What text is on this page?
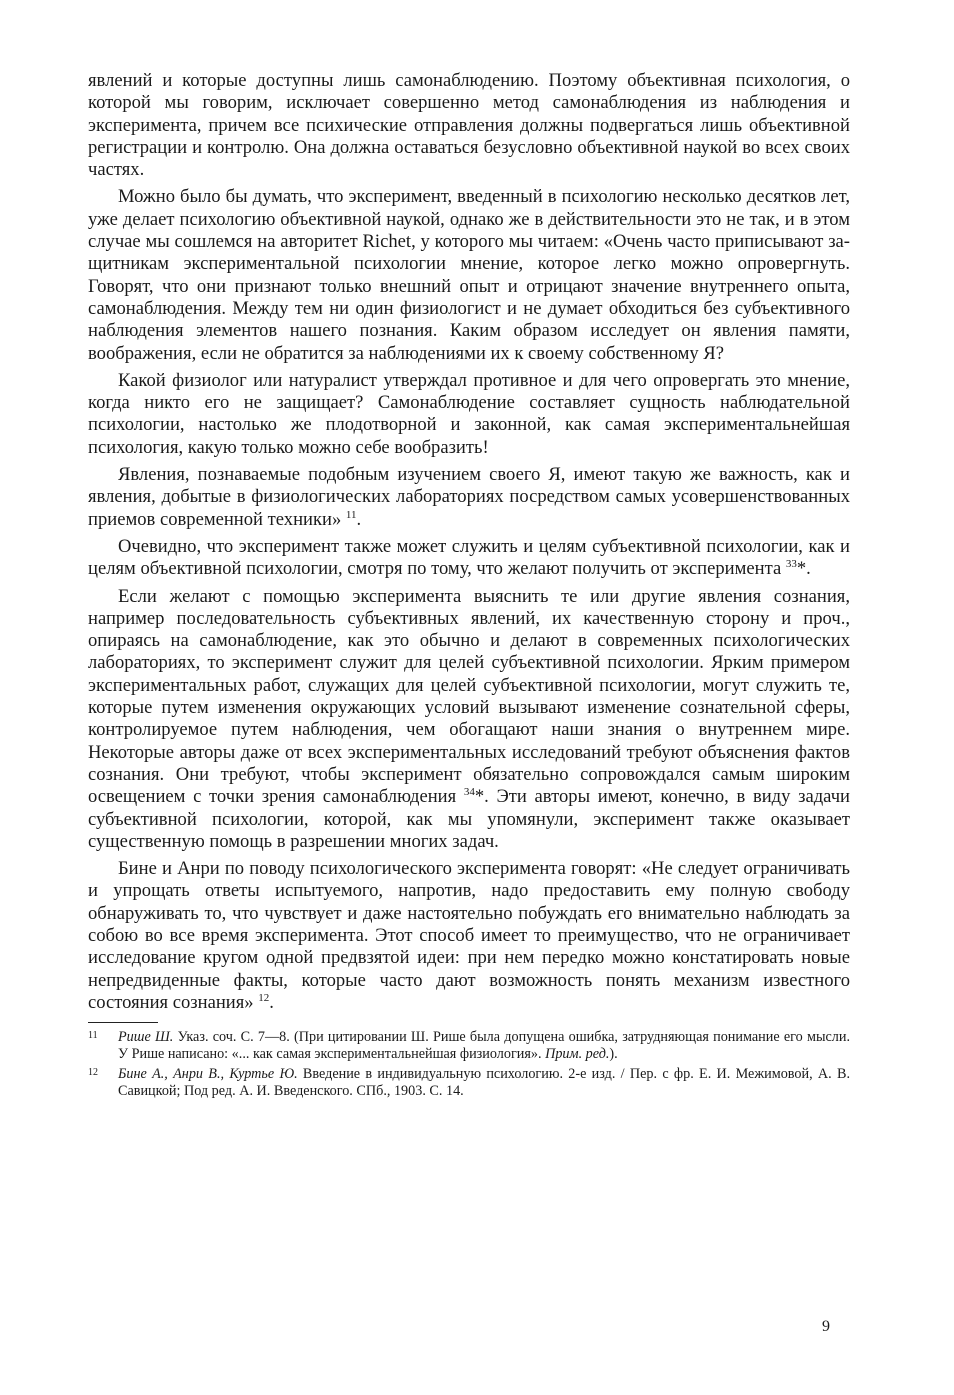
явлений и которые доступны лишь самонаблюдению. Поэтому объективная психология, о которой мы говорим, исключает совершенно метод самонаблюдения из наблюдения и эксперимента, причем все психические отправления должны подвергаться лишь объективной регистрации и контролю. Она должна оставаться безусловно объективной наукой во всех своих частях.

Можно было бы думать, что эксперимент, введенный в психологию несколько десятков лет, уже делает психологию объективной наукой, однако же в действительности это не так, и в этом случае мы сошлемся на авторитет Richet, у которого мы читаем: «Очень часто приписывают защитникам экспериментальной психологии мнение, которое легко можно опровергнуть. Говорят, что они признают только внешний опыт и отрицают значение внутреннего опыта, самонаблюдения. Между тем ни один физиологист и не думает обходиться без субъективного наблюдения элементов нашего познания. Каким образом исследует он явления памяти, воображения, если не обратится за наблюдениями их к своему собственному Я?

Какой физиолог или натуралист утверждал противное и для чего опровергать это мнение, когда никто его не защищает? Самонаблюдение составляет сущность наблюдательной психологии, настолько же плодотворной и законной, как самая экспериментальнейшая психология, какую только можно себе вообразить!

Явления, познаваемые подобным изучением своего Я, имеют такую же важность, как и явления, добытые в физиологических лабораториях посредством самых усовершенствованных приемов современной техники» $^{11}$.

Очевидно, что эксперимент также может служить и целям субъективной психологии, как и целям объективной психологии, смотря по тому, что желают получить от эксперимента $^{33}$*.

Если желают с помощью эксперимента выяснить те или другие явления сознания, например последовательность субъективных явлений, их качественную сторону и проч., опираясь на самонаблюдение, как это обычно и делают в современных психологических лабораториях, то эксперимент служит для целей субъективной психологии. Ярким примером экспериментальных работ, служащих для целей субъективной психологии, могут служить те, которые путем изменения окружающих условий вызывают изменение сознательной сферы, контролируемое путем наблюдения, чем обогащают наши знания о внутреннем мире. Некоторые авторы даже от всех экспериментальных исследований требуют объяснения фактов сознания. Они требуют, чтобы эксперимент обязательно сопровождался самым широким освещением с точки зрения самонаблюдения $^{34}$*. Эти авторы имеют, конечно, в виду задачи субъективной психологии, которой, как мы упомянули, эксперимент также оказывает существенную помощь в разрешении многих задач.

Бине и Анри по поводу психологического эксперимента говорят: «Не следует ограничивать и упрощать ответы испытуемого, напротив, надо предоставить ему полную свободу обнаруживать то, что чувствует и даже настоятельно побуждать его внимательно наблюдать за собою во все время эксперимента. Этот способ имеет то преимущество, что не ограничивает исследование кругом одной предвзятой идеи: при нем передко можно констатировать новые непредвиденные факты, которые часто дают возможность понять механизм известного состояния сознания» $^{12}$.

11	Рише Ш. Указ. соч. С. 7—8. (При цитировании Ш. Рише была допущена ошибка, затрудняющая понимание его мысли. У Рише написано: «... как самая экспериментальнейшая физиология». Прим. ред.).
12	Бине А., Анри В., Куртье Ю. Введение в индивидуальную психологию. 2-е изд. / Пер. с фр. Е. И. Межимовой, А. В. Савицкой; Под ред. А. И. Введенского. СПб., 1903. С. 14.
9
